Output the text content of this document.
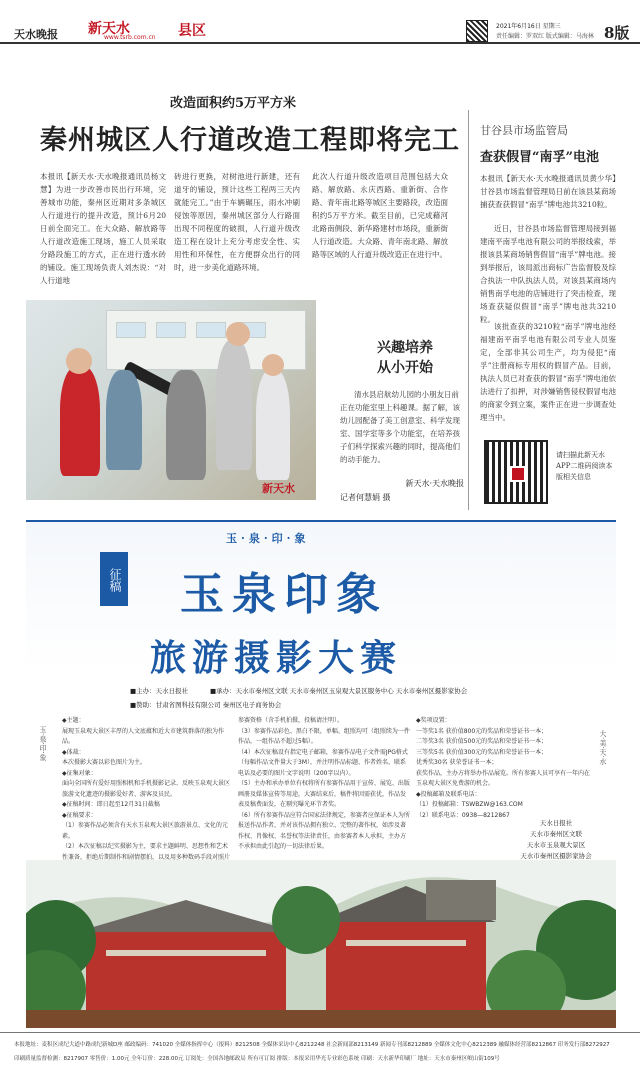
天水晚报 新天水
www.tsrb.com.cn 县区	2021年6月16日 星期三
责任编辑：罗双红 版式编辑：马海林 8版
改造面积约5万平方米
秦州城区人行道改造工程即将完工
本报讯【新天水·天水晚报通讯员杨文慧】为进一步改善市民出行环境，完善城市功能，秦州区近期对多条城区人行道进行的提升改造，预计6月20日前全面完工。在大众路、解放路等人行道改造施工现场，施工人员采取分路段施工的方式，正在进行透水砖的铺设。施工现场负责人刘杰说：“对人行道地
砖进行更换，对树池进行新建，还有道牙的铺设，预计这些工程两三天内就能完工。”由于车辆碾压，雨水冲刷侵蚀等原因，秦州城区部分人行路面出现不同程度的破损，人行道升级改造工程在设计上充分考虑安全性、实用性和环保性，在方便群众出行的同时，进一步美化道路环境。
此次人行道升级改造项目范围包括大众路、解放路、永庆西路、重新街、合作路、青年南北路等城区主要路段，改造面积约5万平方米。截至目前，已完成藉河北路南侧段、新华路建材市场段，重新街人行道改造。大众路、青年南北路、解放路等区域的人行道升级改造正在进行中。
甘谷县市场监管局
查获假冒“南孚”电池
本报讯【新天水·天水晚报通讯员黄少华】甘谷县市场监督管理局日前在该县某商场捕获查获假冒“南孚”牌电池共3210粒。
近日，甘谷县市场监督管理局接到福建南平南孚电池有限公司的举报线索，举报该县某商场销售假冒“南孚”牌电池。接到举报后，该局派出商标广告监督股及综合执法一中队执法人员，对该县某商场内销售南孚电池的店铺进行了突击检查，现场查获疑似假冒“南孚”牌电池共3210粒。
该批查获的3210粒“南孚”牌电池经福建南平南孚电池有限公司专业人员鉴定，全部非其公司生产，均为侵犯“南孚”注册商标专用权的假冒产品。目前，执法人员已对查获的假冒“南孚”牌电池依法进行了扣押，对涉嫌销售侵权假冒电池的商家令到立案，案件正在进一步调查处理当中。
新天水
兴趣培养
从小开始
清水县启航幼儿园的小朋友日前正在功能室里上科趣课。据了解，该幼儿园配备了美工创意室、科学发现室、国学室等多个功能室，在培养孩子们科学探索兴趣的同时，提高他们的动手能力。
新天水·天水晚报
记者何慧娟 摄
请扫描此新天水APP二维码阅读本版相关信息
玉·泉·印·象
征稿 玉泉印象
旅游摄影大赛
■主办：天水日报社	■承办：天水市秦州区文联 天水市秦州区玉泉观大景区服务中心 天水市秦州区摄影家协会
■赞助：甘肃省图科技有限公司 秦州区电子商务协会
◆主题：
展现玉泉观大景区丰厚的人文底蕴和近大市建筑群落的独为作品。
◆体裁：
本次摄影大赛以彩色图片为主。
◆征集对象：
面向全国所有爱好用照相机和手机摄影记录、反映玉泉观大景区旅游文化遗迹的摄影爱好者、游客及员民。
◆征稿时间：即日起至12月31日截稿
◆征稿要求：
（1）参赛作品必须含有天水玉泉观大景区旅游景点、文化的元素。
（2）本次征稿以纪实摄影为主，要求主题鲜明、思想性和艺术性兼备，拒绝后期制作和剧情摆拍，以及用多种数码手段对照片
参赛资格（含手机拍摄，投稿请注明）。
（3）参赛作品彩色、黑白不限，单幅、组照均可（组照续为一件作品，一组作品不超过5幅）。
（4）本次征稿设有指定电子邮箱，参赛作品电子文件需JPG格式（每幅作品文件量大于3M），并注明作品标题、作者姓名、联系电话及必要的图片文字说明（200字以内）。
（5）主办和承办单位有权将所有参赛作品用于宣传、展览、出版画册及媒体宣传等用途，大赛结束后，稿件将因需获优，作品发表及稿费面发，在剔究曝光环节者奖。
（6）所有参赛作品应符合国家法律规定，参赛者应保证本人为所报送作品作者，并对该作品拥有独立、完整的著作权，如涉及著作权、肖像权、名誉权等法律责任，由参赛者本人承担，主办方不承担由此引起的一切法律后果。
◆奖项设置：
一等奖1名 获价值800元的奖品和荣誉证书一本；
二等奖3名 获价值500元的奖品和荣誉证书一本；
三等奖5名 获价值300元的奖品和荣誉证书一本；
优秀奖30名 获荣誉证书一本；
获奖作品，主办方将举办作品展览。所有参赛人员可享有一年内在玉泉观大景区免费游的机会。
◆投稿邮箱及联系电话：
（1）投稿邮箱：TSWBZW@163.COM
（2）联系电话：0938—8212867
玉·泉·印·象	大·美·天·水
天水日报社
天水市秦州区文联
天水市玉泉观大景区
天水市秦州区摄影家协会
本报地址：麦积区成纪大道中路成纪新城D座 邮政编码：741020 全媒体指挥中心（报料）8212508 全媒体采访中心8212248 社会新闻部8213149 新闻专刊部8212889 全媒体文化中心8212389 融媒体经营部8212867 印务发行部8272927
印刷质量监督检测：8217907 零售价：1.00元 全年订价：228.00元 订阅处：全国各地邮政局 所有可订阅 排版：本报采用华光专业彩色系统 印刷：天水新华印刷厂 地址：天水市秦州区岷山街109号
